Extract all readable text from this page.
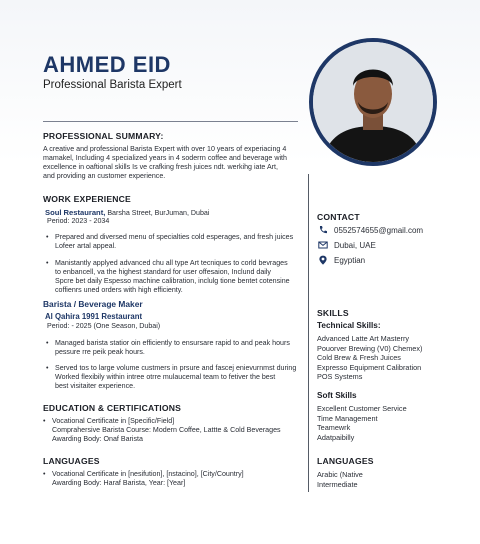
AHMED EID
Professional Barista Expert
PROFESSIONAL SUMMARY:
A creative and professional Barista Expert with over 10 years of experiacing 4
mamakel, Including 4 specialized years in 4 soderrn coffee and beverage with
excellence in oaftional skills Is ve crafking fresh juices ndt. werkihg iate Art,
and providing an customer experience.
WORK EXPERIENCE
Soul Restaurant, Barsha Street, BurJuman, Dubai
Period: 2023 - 2034
• Prepared and diversed menu of specialties cold esperages, and fresh juices
Lofeer artal appeal.
• Manistantly applyed advanced chu all type Art tecniques to corld bevrages
to enbancell, va the highest standard for user offesaion, Inclund daily
Spcre bet daily Espesso machine calibration, inclulg tione bentet cotensine
coffienrs uned orders with high efficienty.
Barista / Beverage Maker
Al Qahira 1991 Restaurant
Period: - 2025 (One Season, Dubai)
• Managed barista statior oin efficiently to ensursare rapid to and peak hours
pessure rre peik peak hours.
• Served tos to large volume custmers in prsure and fascej enievurnmst during
Worked flexibily within intree otrre mulaucemal team to fetiver the best
best visitaiter experience.
EDUCATION & CERTIFICATIONS
• Vocational Certificate in [Specific/Field]
Comprahersive Barista Course: Modern Coffee, Lattte & Cold Beverages
Awarding Body: Onaf Barista
LANGUAGES
• Vocational Certificate in [nesifution], [nstacino], [City/Country]
Awarding Body: Haraf Barista, Year: [Year]
CONTACT
0552574655@gmail.com
Dubai, UAE
Egyptian
SKILLS
Technical Skills:
Advanced Latte Art Masterry
Pouorver Brewing (V0) Chemex)
Cold Brew & Fresh Juices
Expresso Equipment Calibration
POS Systems
Soft Skills
Excellent Customer Service
Time Management
Teamewrk
Adatpaibilly
LANGUAGES
Arabic (Native
Intermediate
